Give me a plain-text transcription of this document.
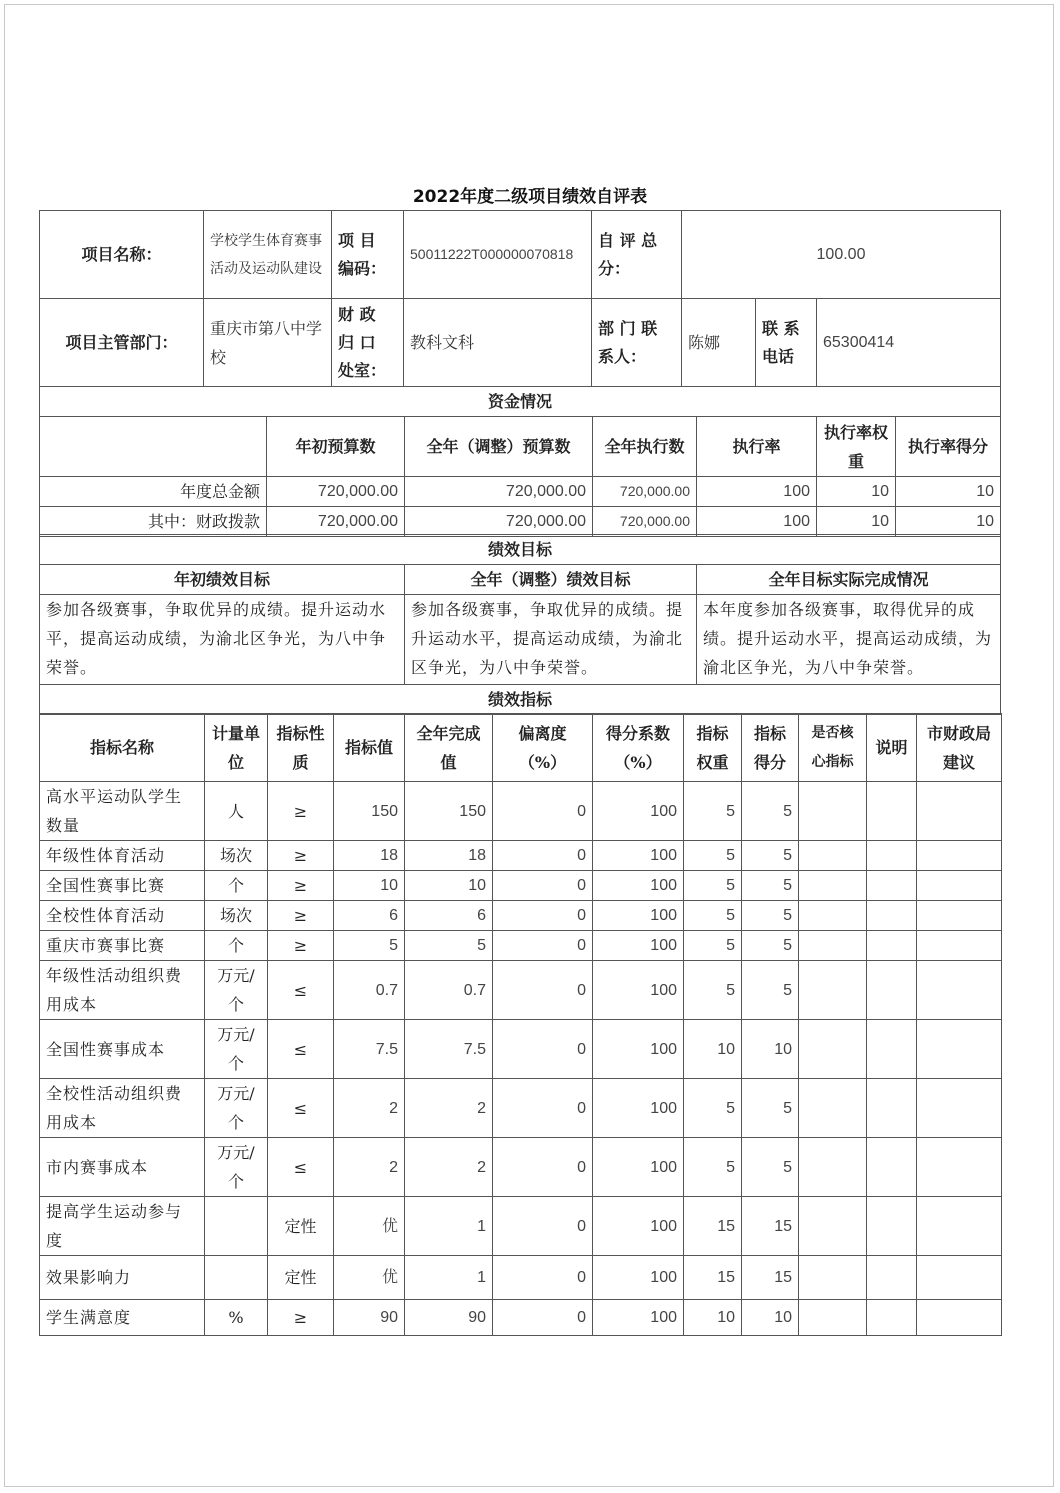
2022年度二级项目绩效自评表
项目名称：	学校学生体育赛事活动及运动队建设	项 目 编码：	50011222T000000070818	自 评 总 分：	100.00		
项目主管部门：	重庆市第八中学校	财 政 归 口 处室：	教科文科	部 门 联 系人：	陈娜	联 系 电话	65300414
资金情况						
	年初预算数	全年（调整）预算数	全年执行数	执行率	执行率权重	执行率得分
年度总金额	720,000.00	720,000.00	720,000.00	100	10	10
其中：财政拨款	720,000.00	720,000.00	720,000.00	100	10	10
绩效目标		
年初绩效目标	全年（调整）绩效目标	全年目标实际完成情况
参加各级赛事，争取优异的成绩。提升运动水平，提高运动成绩，为渝北区争光，为八中争荣誉。	参加各级赛事，争取优异的成绩。提升运动水平，提高运动成绩，为渝北区争光，为八中争荣誉。	本年度参加各级赛事，取得优异的成绩。提升运动水平，提高运动成绩，为渝北区争光，为八中争荣誉。
绩效指标		
指标名称	计量单位	指标性质	指标值	全年完成值	偏离度（%）	得分系数（%）	指标权重	指标得分	是否核心指标	说明	市财政局建议
高水平运动队学生数量	人	≥	150	150	0	100	5	5			
年级性体育活动	场次	≥	18	18	0	100	5	5			
全国性赛事比赛	个	≥	10	10	0	100	5	5			
全校性体育活动	场次	≥	6	6	0	100	5	5			
重庆市赛事比赛	个	≥	5	5	0	100	5	5			
年级性活动组织费用成本	万元/个	≤	0.7	0.7	0	100	5	5			
全国性赛事成本	万元/个	≤	7.5	7.5	0	100	10	10			
全校性活动组织费用成本	万元/个	≤	2	2	0	100	5	5			
市内赛事成本	万元/个	≤	2	2	0	100	5	5			
提高学生运动参与度		定性	优	1	0	100	15	15			
效果影响力		定性	优	1	0	100	15	15			
学生满意度	%	≥	90	90	0	100	10	10			
